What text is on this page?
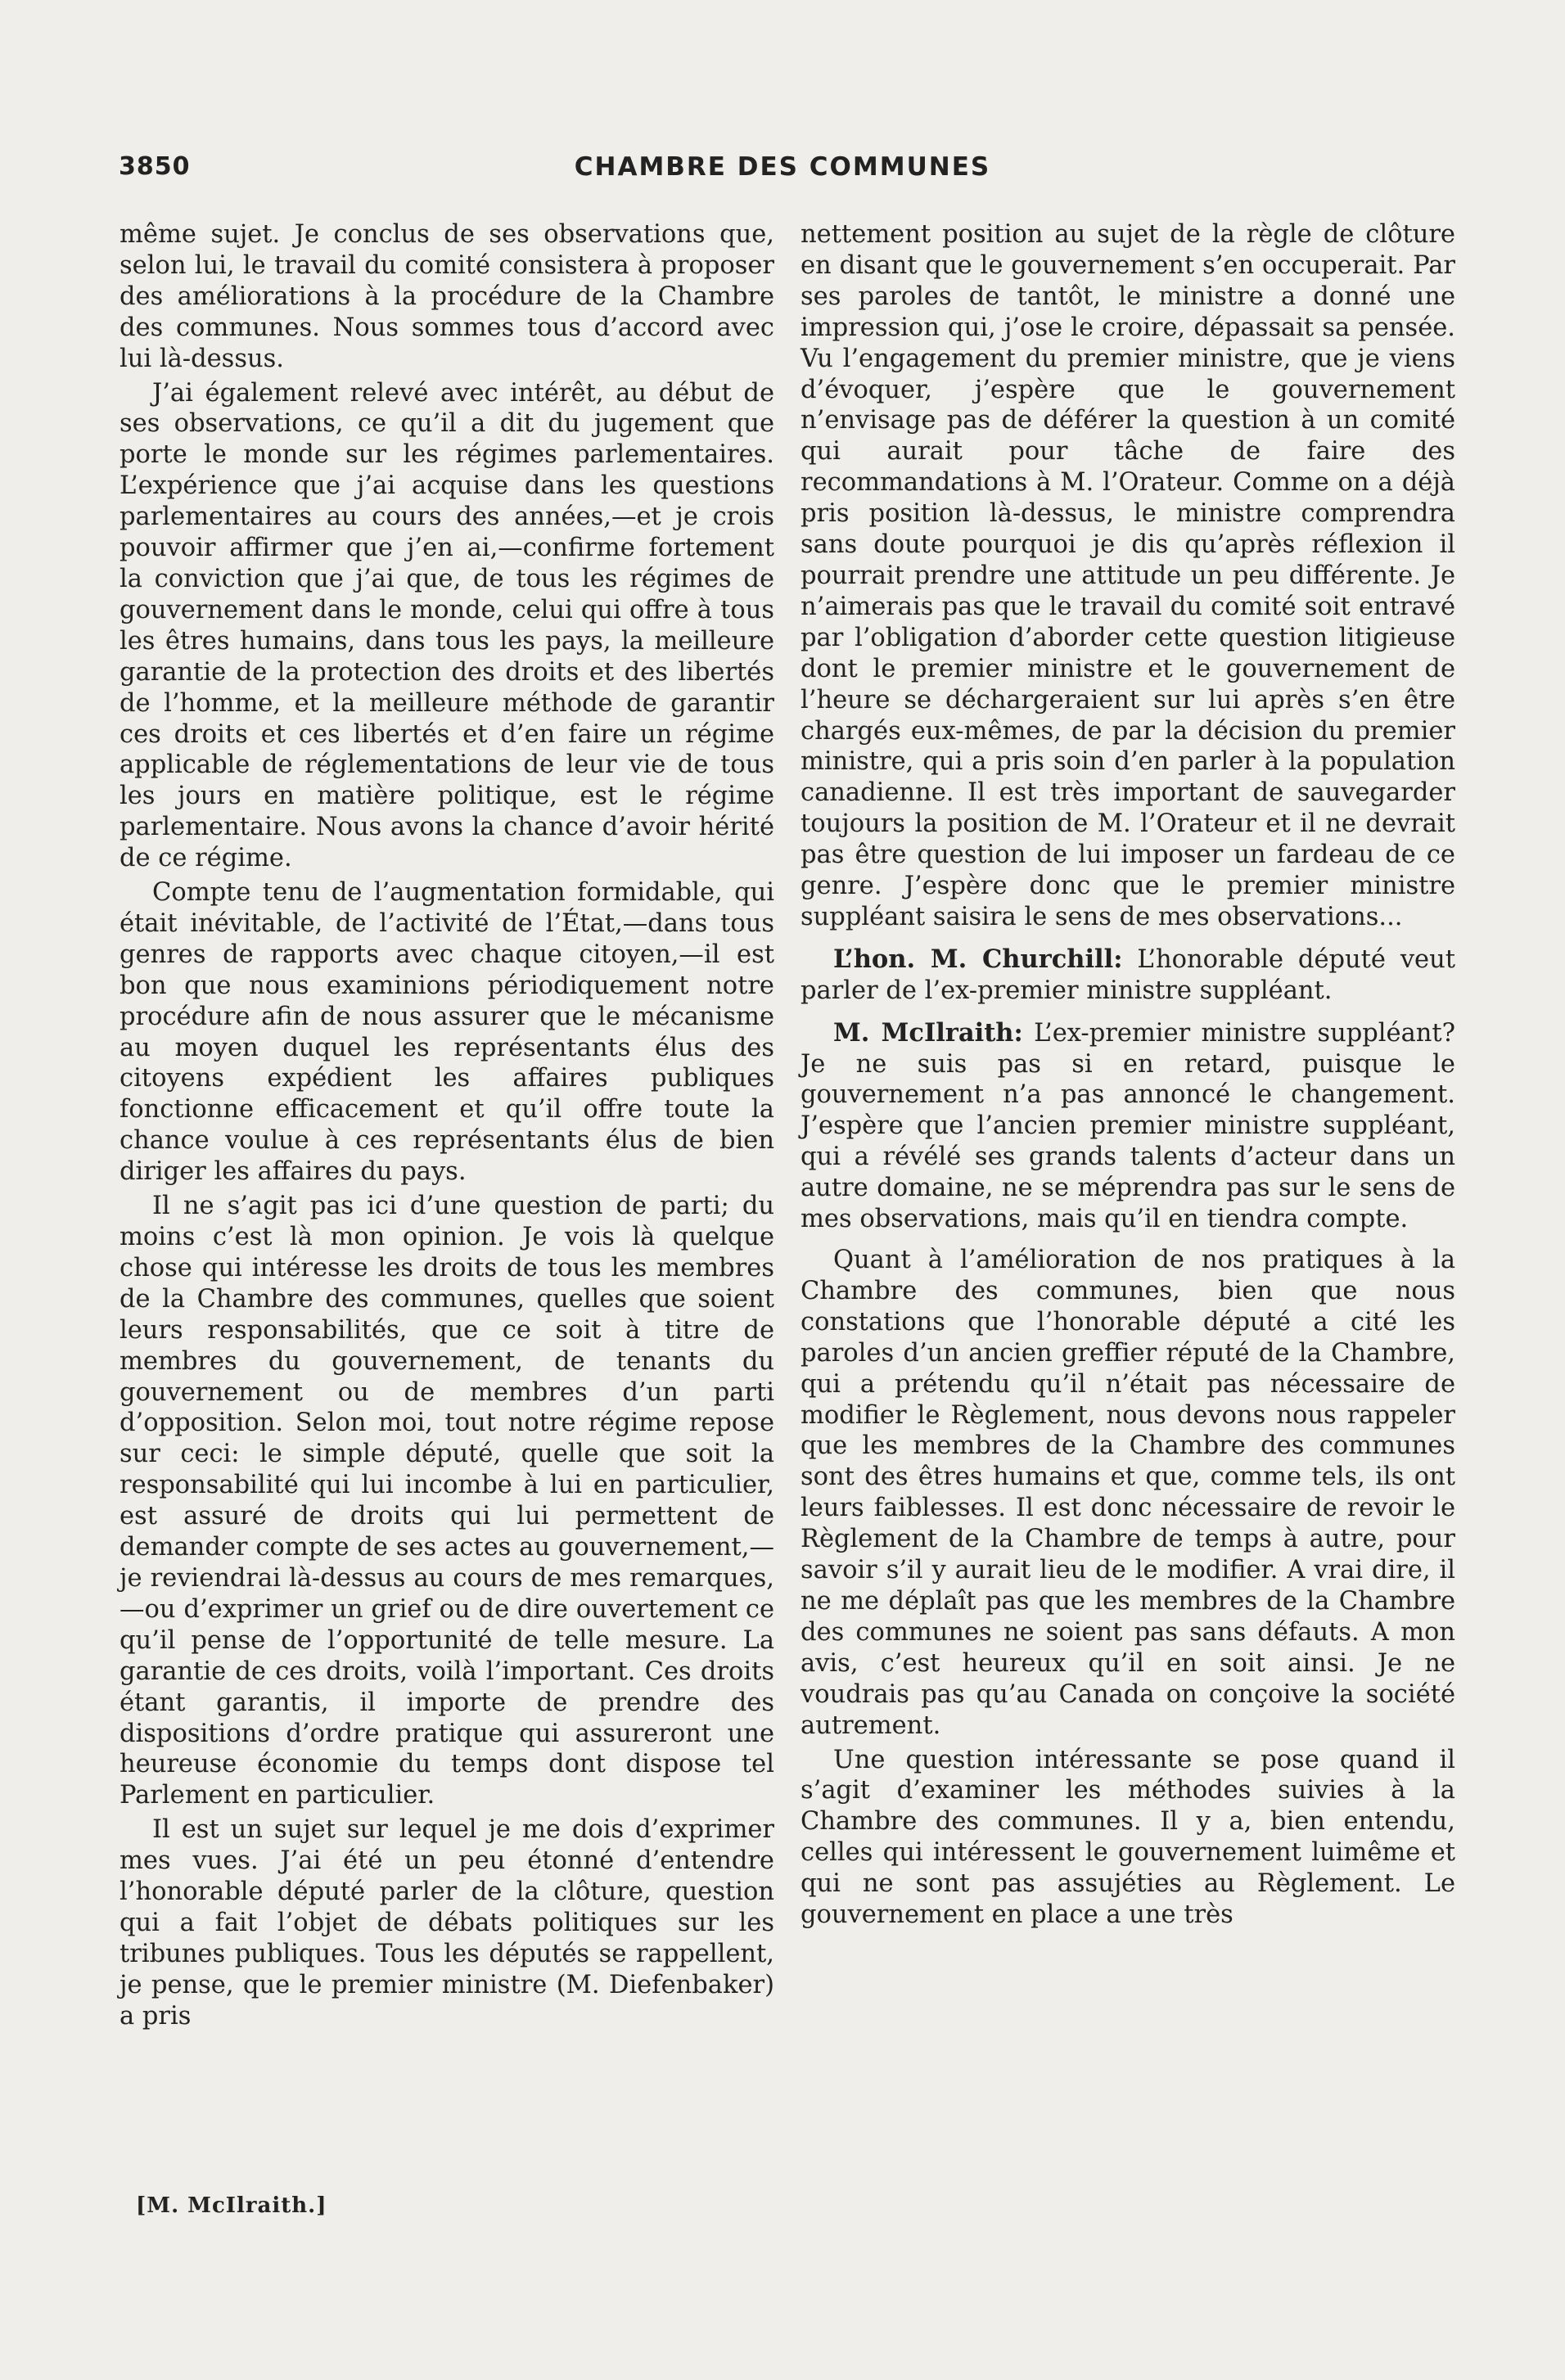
3850	CHAMBRE DES COMMUNES

même sujet. Je conclus de ses observations que, selon lui, le travail du comité consistera à proposer des améliorations à la procédure de la Chambre des communes. Nous sommes tous d’accord avec lui là-dessus.

J’ai également relevé avec intérêt, au début de ses observations, ce qu’il a dit du jugement que porte le monde sur les régimes parlementaires. L’expérience que j’ai acquise dans les questions parlementaires au cours des années,—et je crois pouvoir affirmer que j’en ai,—confirme fortement la conviction que j’ai que, de tous les régimes de gouvernement dans le monde, celui qui offre à tous les êtres humains, dans tous les pays, la meilleure garantie de la protection des droits et des libertés de l’homme, et la meilleure méthode de garantir ces droits et ces libertés et d’en faire un régime applicable de réglementations de leur vie de tous les jours en matière politique, est le régime parlementaire. Nous avons la chance d’avoir hérité de ce régime.

Compte tenu de l’augmentation formidable, qui était inévitable, de l’activité de l’État,—dans tous genres de rapports avec chaque citoyen,—il est bon que nous examinions périodiquement notre procédure afin de nous assurer que le mécanisme au moyen duquel les représentants élus des citoyens expédient les affaires publiques fonctionne efficacement et qu’il offre toute la chance voulue à ces représentants élus de bien diriger les affaires du pays.

Il ne s’agit pas ici d’une question de parti; du moins c’est là mon opinion. Je vois là quelque chose qui intéresse les droits de tous les membres de la Chambre des communes, quelles que soient leurs responsabilités, que ce soit à titre de membres du gouvernement, de tenants du gouvernement ou de membres d’un parti d’opposition. Selon moi, tout notre régime repose sur ceci: le simple député, quelle que soit la responsabilité qui lui incombe à lui en particulier, est assuré de droits qui lui permettent de demander compte de ses actes au gouvernement,—je reviendrai là-dessus au cours de mes remarques,—ou d’exprimer un grief ou de dire ouvertement ce qu’il pense de l’opportunité de telle mesure. La garantie de ces droits, voilà l’important. Ces droits étant garantis, il importe de prendre des dispositions d’ordre pratique qui assureront une heureuse économie du temps dont dispose tel Parlement en particulier.

Il est un sujet sur lequel je me dois d’exprimer mes vues. J’ai été un peu étonné d’entendre l’honorable député parler de la clôture, question qui a fait l’objet de débats politiques sur les tribunes publiques. Tous les députés se rappellent, je pense, que le premier ministre (M. Diefenbaker) a pris

nettement position au sujet de la règle de clôture en disant que le gouvernement s’en occuperait. Par ses paroles de tantôt, le ministre a donné une impression qui, j’ose le croire, dépassait sa pensée. Vu l’engagement du premier ministre, que je viens d’évoquer, j’espère que le gouvernement n’envisage pas de déférer la question à un comité qui aurait pour tâche de faire des recommandations à M. l’Orateur. Comme on a déjà pris position là-dessus, le ministre comprendra sans doute pourquoi je dis qu’après réflexion il pourrait prendre une attitude un peu différente. Je n’aimerais pas que le travail du comité soit entravé par l’obligation d’aborder cette question litigieuse dont le premier ministre et le gouvernement de l’heure se déchargeraient sur lui après s’en être chargés eux-mêmes, de par la décision du premier ministre, qui a pris soin d’en parler à la population canadienne. Il est très important de sauvegarder toujours la position de M. l’Orateur et il ne devrait pas être question de lui imposer un fardeau de ce genre. J’espère donc que le premier ministre suppléant saisira le sens de mes observations...

L’hon. M. Churchill: L’honorable député veut parler de l’ex-premier ministre suppléant.

M. McIlraith: L’ex-premier ministre suppléant? Je ne suis pas si en retard, puisque le gouvernement n’a pas annoncé le changement. J’espère que l’ancien premier ministre suppléant, qui a révélé ses grands talents d’acteur dans un autre domaine, ne se méprendra pas sur le sens de mes observations, mais qu’il en tiendra compte.

Quant à l’amélioration de nos pratiques à la Chambre des communes, bien que nous constations que l’honorable député a cité les paroles d’un ancien greffier réputé de la Chambre, qui a prétendu qu’il n’était pas nécessaire de modifier le Règlement, nous devons nous rappeler que les membres de la Chambre des communes sont des êtres humains et que, comme tels, ils ont leurs faiblesses. Il est donc nécessaire de revoir le Règlement de la Chambre de temps à autre, pour savoir s’il y aurait lieu de le modifier. A vrai dire, il ne me déplaît pas que les membres de la Chambre des communes ne soient pas sans défauts. A mon avis, c’est heureux qu’il en soit ainsi. Je ne voudrais pas qu’au Canada on conçoive la société autrement.

Une question intéressante se pose quand il s’agit d’examiner les méthodes suivies à la Chambre des communes. Il y a, bien entendu, celles qui intéressent le gouvernement luimême et qui ne sont pas assujéties au Règlement. Le gouvernement en place a une très

[M. McIlraith.]
